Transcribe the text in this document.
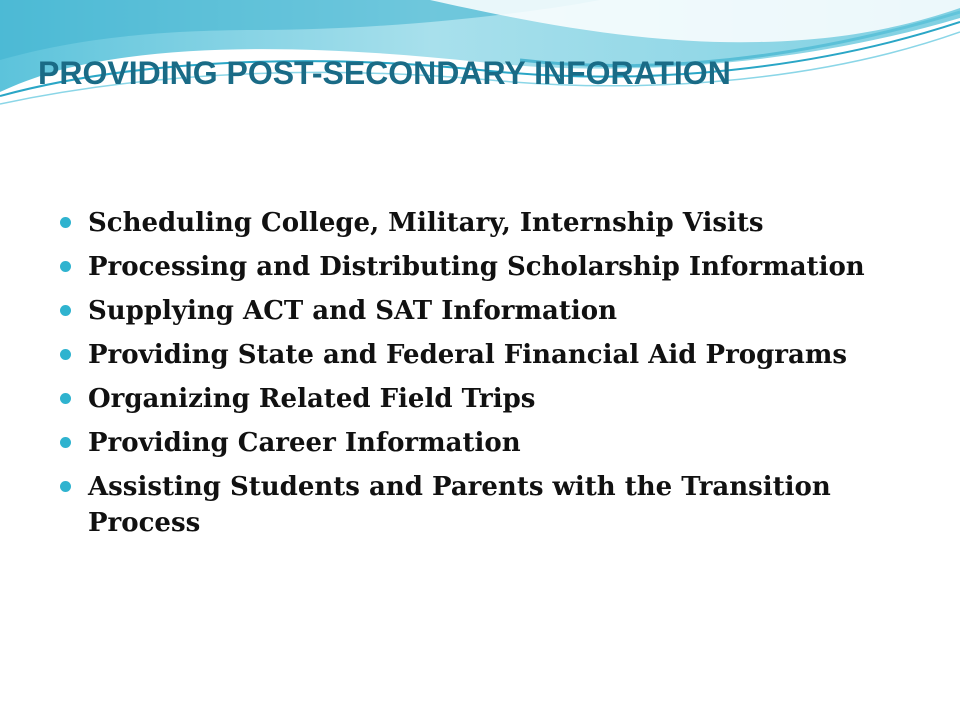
PROVIDING POST-SECONDARY INFORATION
Scheduling College, Military, Internship Visits
Processing and Distributing Scholarship Information
Supplying ACT and SAT Information
Providing State and Federal Financial Aid Programs
Organizing Related Field Trips
Providing Career Information
Assisting Students and Parents with the Transition Process
